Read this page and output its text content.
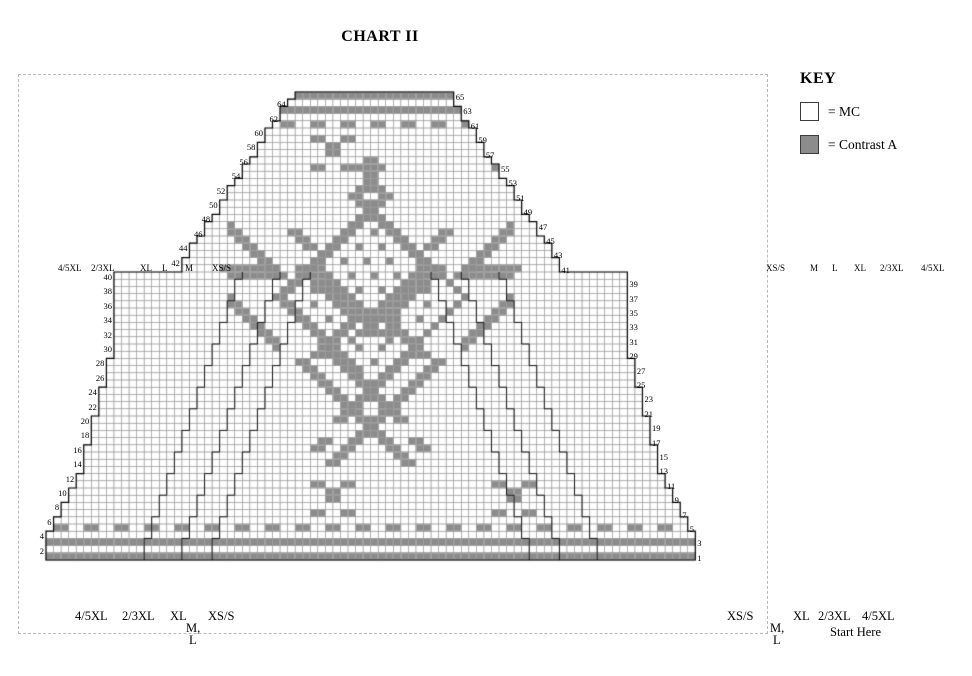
CHART II
KEY
= MC
= Contrast A
2
4
6
8
10
12
14
16
18
20
22
24
26
28
30
32
34
36
38
40
42
44
46
48
50
52
54
56
58
60
62
64
1
3
5
7
9
11
13
15
17
19
21
23
25
27
29
31
33
35
37
39
41
43
45
47
49
51
53
55
57
59
61
63
65
4/5XL 2/3XL	XL L M XS/S	XS/S	M L XL 2/3XL 4/5XL
4/5XL 2/3XL XL
M,
L
XS/S	XS/S
M,
L
XL 2/3XL 4/5XL
Start Here
